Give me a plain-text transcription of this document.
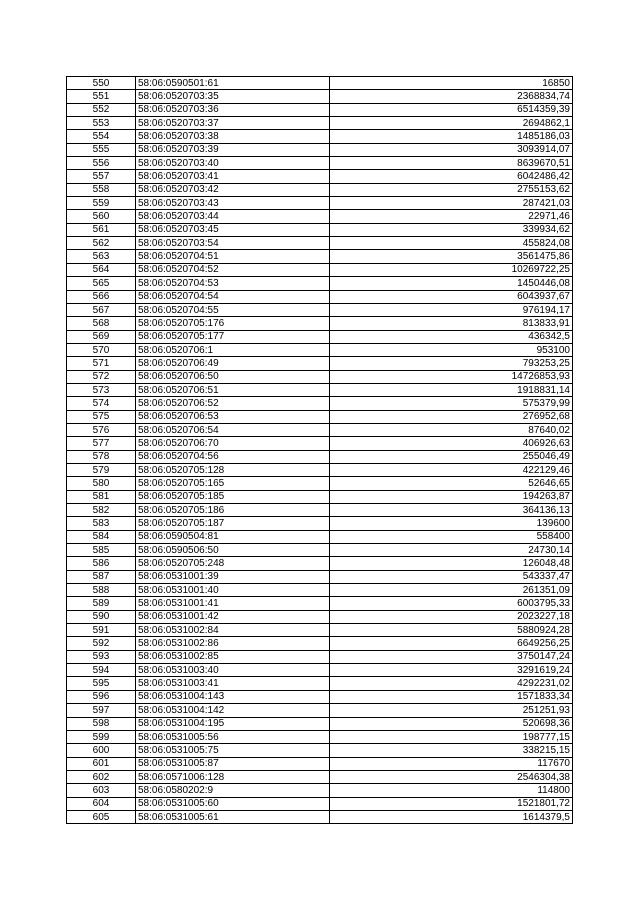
550	58:06:0590501:61	16850
551	58:06:0520703:35	2368834,74
552	58:06:0520703:36	6514359,39
553	58:06:0520703:37	2694862,1
554	58:06:0520703:38	1485186,03
555	58:06:0520703:39	3093914,07
556	58:06:0520703:40	8639670,51
557	58:06:0520703:41	6042486,42
558	58:06:0520703:42	2755153,62
559	58:06:0520703:43	287421,03
560	58:06:0520703:44	22971,46
561	58:06:0520703:45	339934,62
562	58:06:0520703:54	455824,08
563	58:06:0520704:51	3561475,86
564	58:06:0520704:52	10269722,25
565	58:06:0520704:53	1450446,08
566	58:06:0520704:54	6043937,67
567	58:06:0520704:55	976194,17
568	58:06:0520705:176	813833,91
569	58:06:0520705:177	436342,5
570	58:06:0520706:1	953100
571	58:06:0520706:49	793253,25
572	58:06:0520706:50	14726853,93
573	58:06:0520706:51	1918831,14
574	58:06:0520706:52	575379,99
575	58:06:0520706:53	276952,68
576	58:06:0520706:54	87640,02
577	58:06:0520706:70	406926,63
578	58:06:0520704:56	255046,49
579	58:06:0520705:128	422129,46
580	58:06:0520705:165	52646,65
581	58:06:0520705:185	194263,87
582	58:06:0520705:186	364136,13
583	58:06:0520705:187	139600
584	58:06:0590504:81	558400
585	58:06:0590506:50	24730,14
586	58:06:0520705:248	126048,48
587	58:06:0531001:39	543337,47
588	58:06:0531001:40	261351,09
589	58:06:0531001:41	6003795,33
590	58:06:0531001:42	2023227,18
591	58:06:0531002:84	5880924,28
592	58:06:0531002:86	6649256,25
593	58:06:0531002:85	3750147,24
594	58:06:0531003:40	3291619,24
595	58:06:0531003:41	4292231,02
596	58:06:0531004:143	1571833,34
597	58:06:0531004:142	251251,93
598	58:06:0531004:195	520698,36
599	58:06:0531005:56	198777,15
600	58:06:0531005:75	338215,15
601	58:06:0531005:87	117670
602	58:06:0571006:128	2546304,38
603	58:06:0580202:9	114800
604	58:06:0531005:60	1521801,72
605	58:06:0531005:61	1614379,5
